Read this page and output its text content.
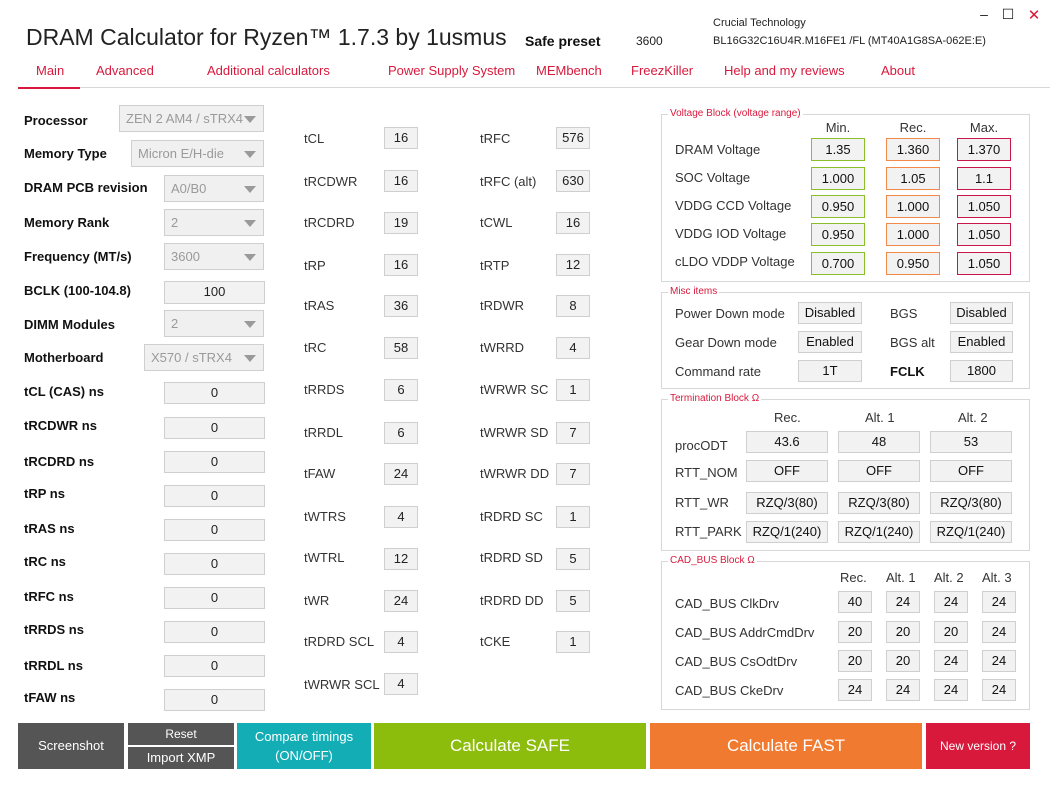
DRAM Calculator for Ryzen™ 1.7.3 by 1usmus Safe preset	3600
Crucial Technology
BL16G32C16U4R.M16FE1 /FL (MT40A1G8SA-062E:E)
– ☐ ✕
Main Advanced	Additional calculators	Power Supply System MEMbench FreezKiller Help and my reviews	About
Processor	ZEN 2 AM4 / sTRX4
Memory Type	Micron E/H-die
DRAM PCB revision	A0/B0
Memory Rank	2
Frequency (MT/s)	3600
BCLK (100-104.8)	100
DIMM Modules	2
Motherboard	X570 / sTRX4
tCL (CAS) ns	0
tRCDWR ns	0
tRCDRD ns	0
tRP ns	0
tRAS ns	0
tRC ns	0
tRFC ns	0
tRRDS ns	0
tRRDL ns	0
tFAW ns	0
tCL	16
tRCDWR	16
tRCDRD	19
tRP	16
tRAS	36
tRC	58
tRRDS	6
tRRDL	6
tFAW	24
tWTRS	4
tWTRL	12
tWR	24
tRDRD SCL	4
tWRWR SCL	4
tRFC	576
tRFC (alt)	630
tCWL	16
tRTP	12
tRDWR	8
tWRRD	4
tWRWR SC	1
tWRWR SD	7
tWRWR DD	7
tRDRD SC	1
tRDRD SD	5
tRDRD DD	5
tCKE	1
Voltage Block (voltage range)
Min.	Rec.	Max.
DRAM Voltage	1.35	1.360	1.370
SOC Voltage	1.000	1.05	1.1
VDDG CCD Voltage	0.950	1.000	1.050
VDDG IOD Voltage	0.950	1.000	1.050
cLDO VDDP Voltage	0.700	0.950	1.050
Misc items
Power Down mode	Disabled
Gear Down mode	Enabled
Command rate	1T
BGS	Disabled
BGS alt	Enabled
FCLK	1800
Termination Block Ω
Rec.	Alt. 1	Alt. 2
procODT	43.6	48	53
RTT_NOM	OFF	OFF	OFF
RTT_WR	RZQ/3(80)	RZQ/3(80)	RZQ/3(80)
RTT_PARK RZQ/1(240)	RZQ/1(240)	RZQ/1(240)
CAD_BUS Block Ω
Rec. Alt. 1 Alt. 2 Alt. 3
CAD_BUS ClkDrv	40	24	24	24
CAD_BUS AddrCmdDrv	20	20	20	24
CAD_BUS CsOdtDrv	20	20	24	24
CAD_BUS CkeDrv	24	24	24	24
Screenshot
Reset
Import XMP
Compare timings
(ON/OFF)
Calculate SAFE	Calculate FAST	New version ?
